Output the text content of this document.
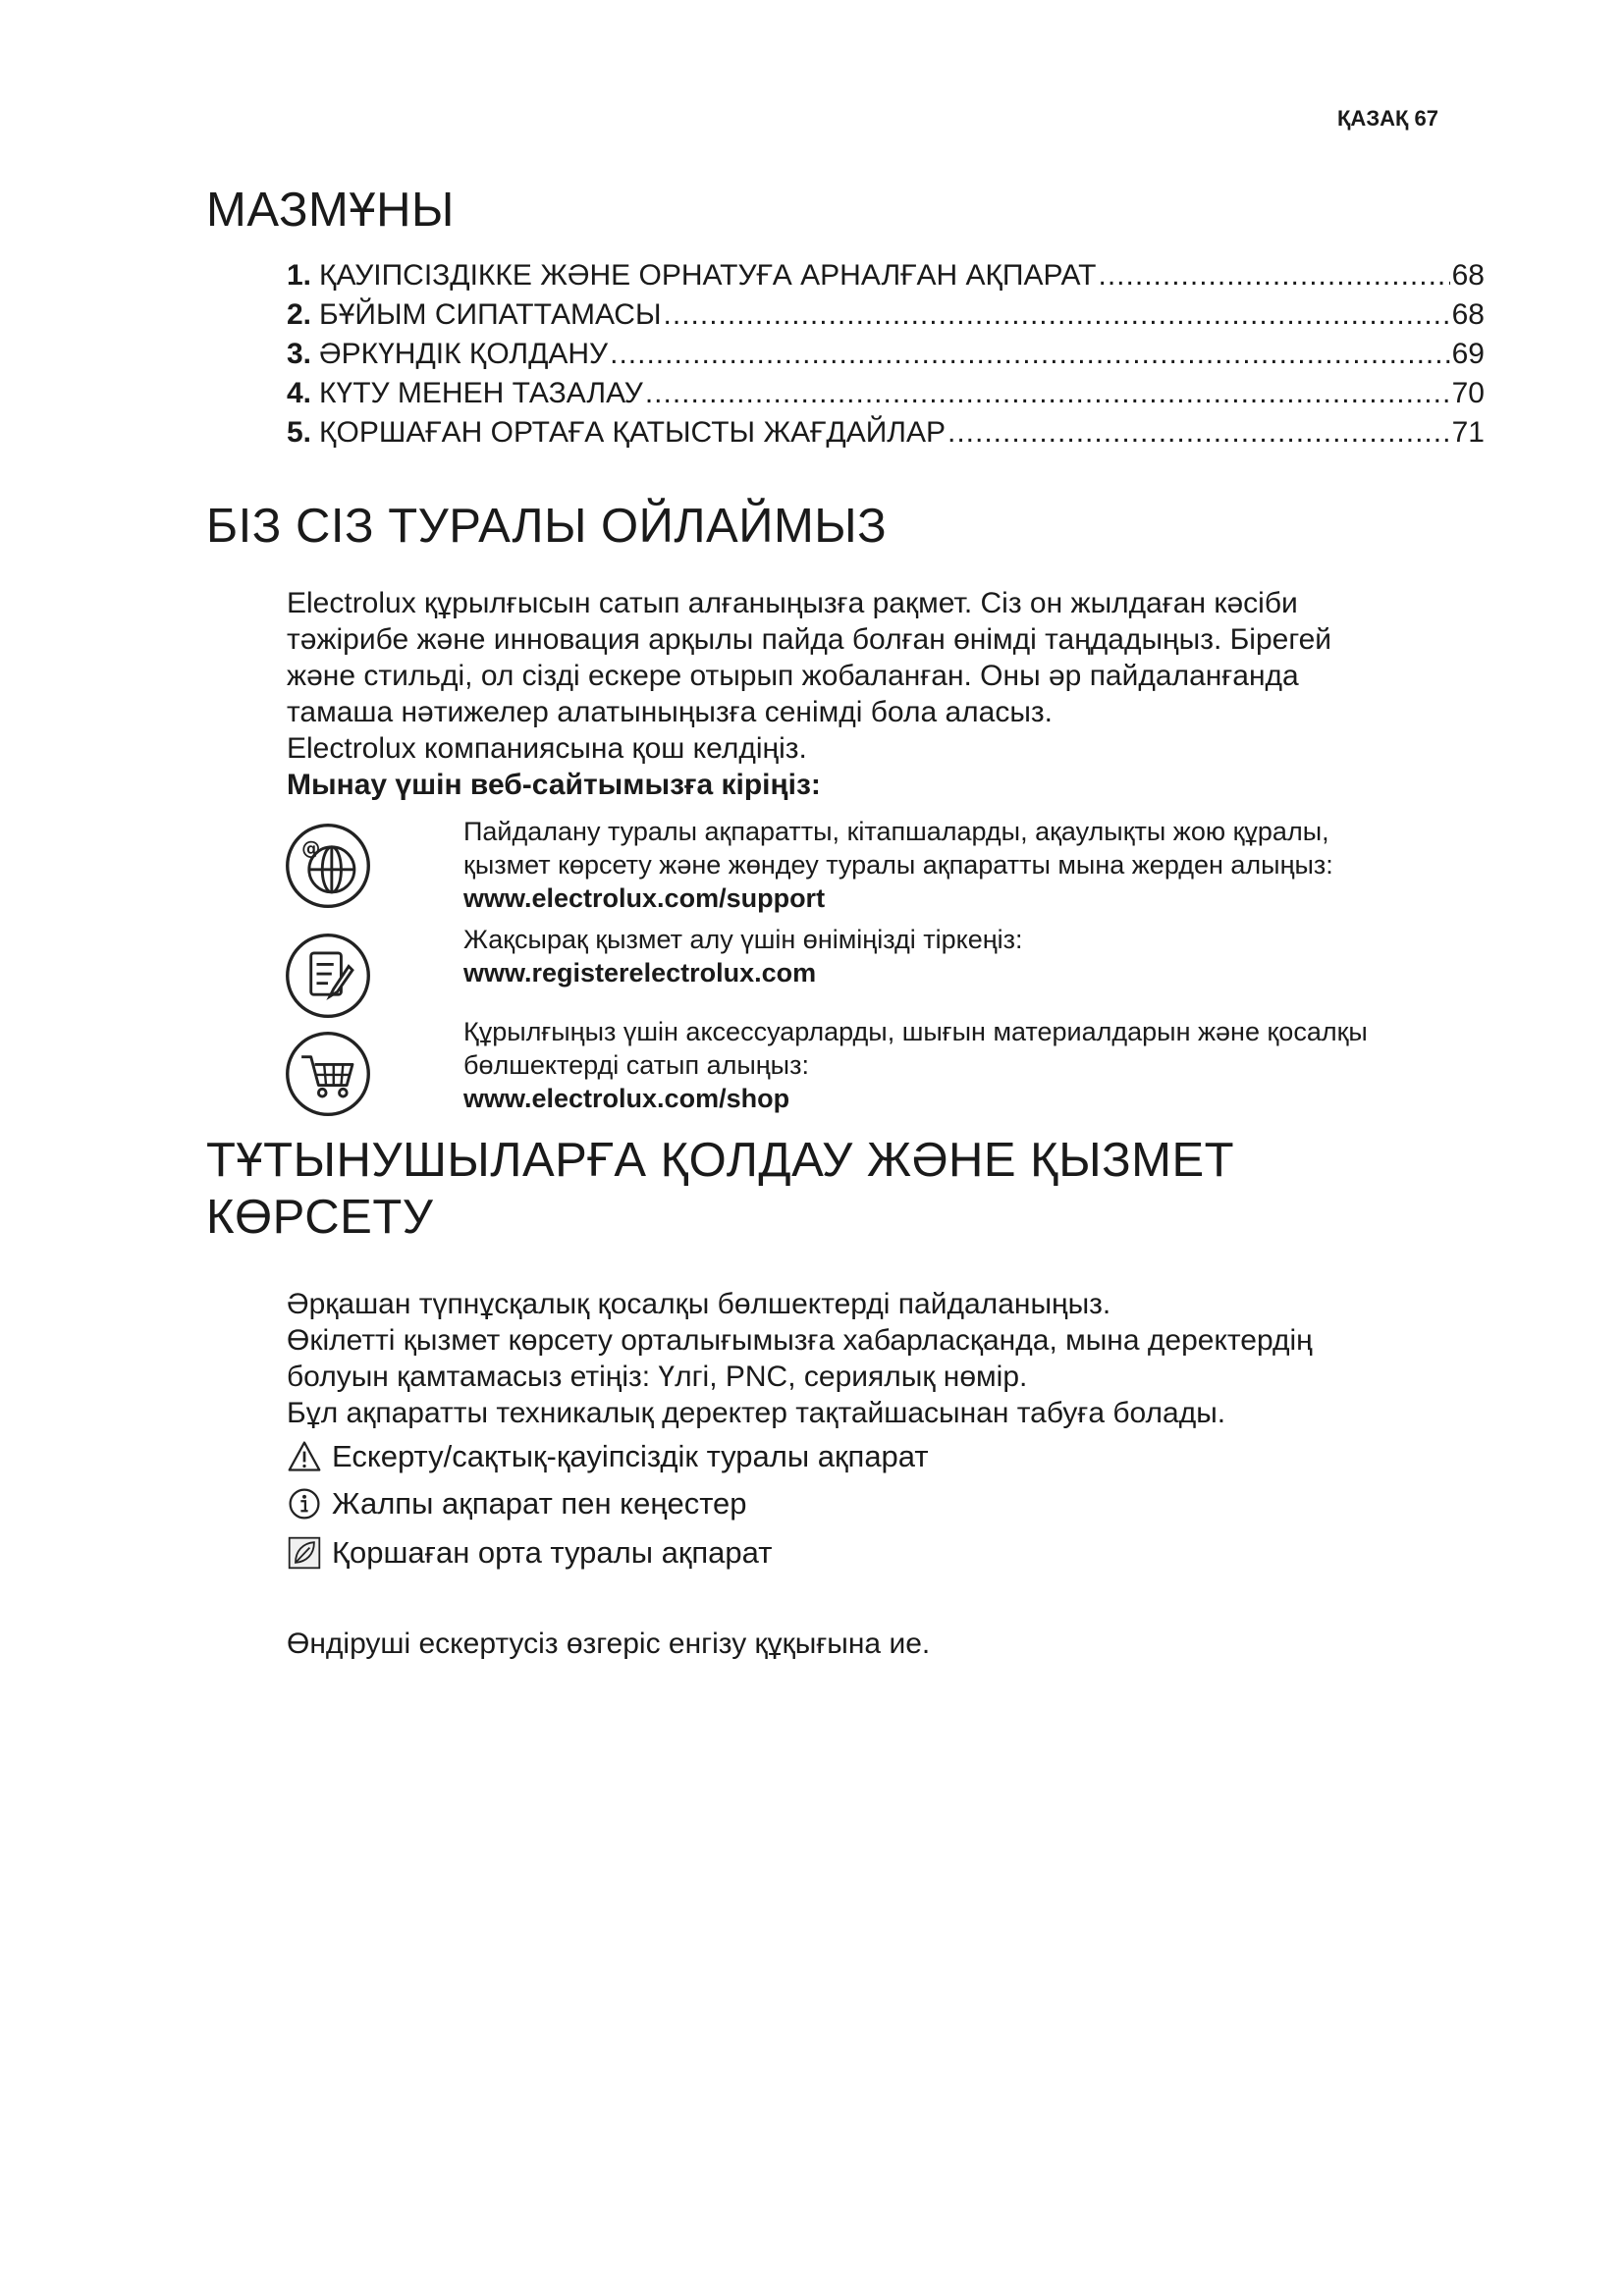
ҚАЗАҚ 67
МАЗМҰНЫ
1. ҚАУІПСІЗДІККЕ ЖӘНЕ ОРНАТУҒА АРНАЛҒАН АҚПАРАТ .....	68
2. БҰЙЫМ СИПАТТАМАСЫ .....	68
3. ӘРКҮНДІК ҚОЛДАНУ .....	69
4. КҮТУ МЕНЕН ТАЗАЛАУ .....	70
5. ҚОРШАҒАН ОРТАҒА ҚАТЫСТЫ ЖАҒДАЙЛАР .....	71
БІЗ СІЗ ТУРАЛЫ ОЙЛАЙМЫЗ
Electrolux құрылғысын сатып алғаныңызға рақмет. Сіз он жылдаған кәсіби
тәжірибе және инновация арқылы пайда болған өнімді таңдадыңыз. Бірегей
және стильді, ол сізді ескере отырып жобаланған. Оны әр пайдаланғанда
тамаша нәтижелер алатыныңызға сенімді бола аласыз.
Electrolux компаниясына қош келдіңіз.
Мынау үшін веб-сайтымызға кіріңіз:
@
Пайдалану туралы ақпаратты, кітапшаларды, ақаулықты жою құралы,
қызмет көрсету және жөндеу туралы ақпаратты мына жерден алыңыз:
www.electrolux.com/support
Жақсырақ қызмет алу үшін өніміңізді тіркеңіз:
www.registerelectrolux.com
Құрылғыңыз үшін аксессуарларды, шығын материалдарын және қосалқы
бөлшектерді сатып алыңыз:
www.electrolux.com/shop
ТҰТЫНУШЫЛАРҒА ҚОЛДАУ ЖӘНЕ ҚЫЗМЕТ
КӨРСЕТУ
Әрқашан түпнұсқалық қосалқы бөлшектерді пайдаланыңыз.
Өкілетті қызмет көрсету орталығымызға хабарласқанда, мына деректердің
болуын қамтамасыз етіңіз: Үлгі, PNC, сериялық нөмір.
Бұл ақпаратты техникалық деректер тақтайшасынан табуға болады.
Ескерту/сақтық-қауіпсіздік туралы ақпарат
Жалпы ақпарат пен кеңестер
Қоршаған орта туралы ақпарат
Өндіруші ескертусіз өзгеріс енгізу құқығына ие.
